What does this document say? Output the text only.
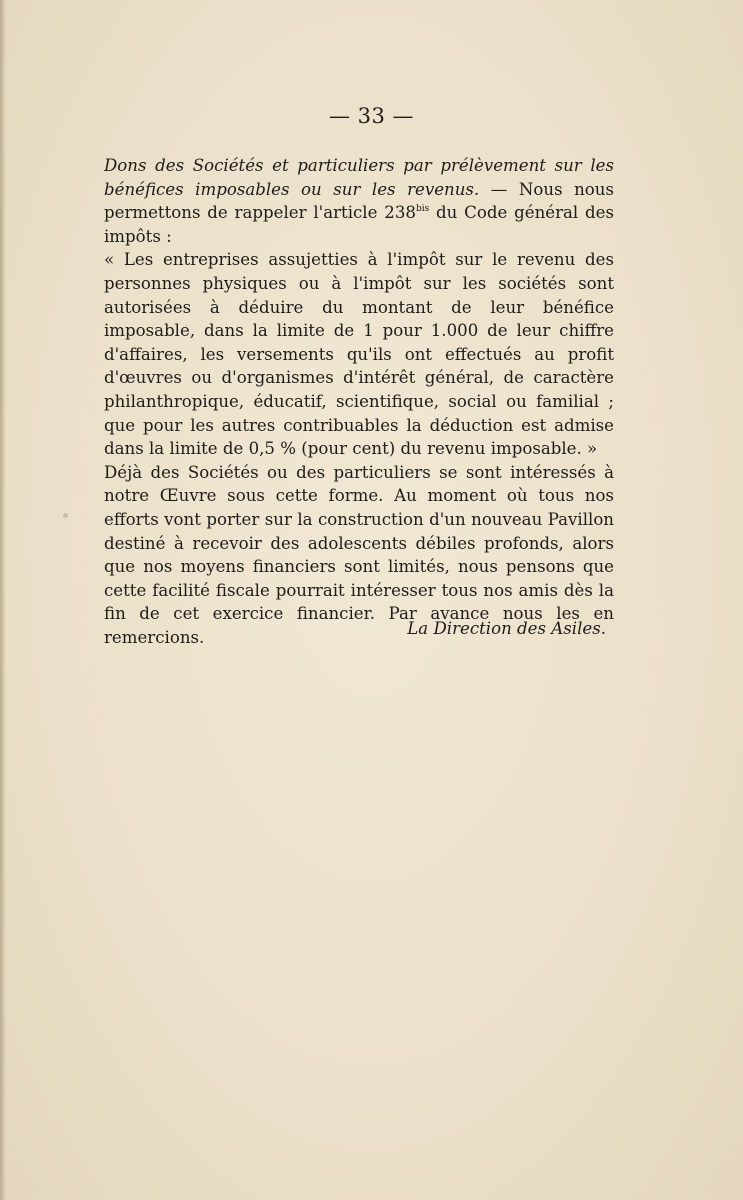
— 33 —

Dons des Sociétés et particuliers par prélèvement sur les bénéfices imposables ou sur les revenus. — Nous nous permettons de rappeler l'article $238^{bis}$ du Code général des impôts :

« Les entreprises assujetties à l'impôt sur le revenu des personnes physiques ou à l'impôt sur les sociétés sont autorisées à déduire du montant de leur bénéfice imposable, dans la limite de 1 pour 1.000 de leur chiffre d'affaires, les versements qu'ils ont effectués au profit d'œuvres ou d'organismes d'intérêt général, de caractère philanthropique, éducatif, scientifique, social ou familial ; que pour les autres contribuables la déduction est admise dans la limite de 0,5 % (pour cent) du revenu imposable. »

Déjà des Sociétés ou des particuliers se sont intéressés à notre Œuvre sous cette forme. Au moment où tous nos efforts vont porter sur la construction d'un nouveau Pavillon destiné à recevoir des adolescents débiles profonds, alors que nos moyens financiers sont limités, nous pensons que cette facilité fiscale pourrait intéresser tous nos amis dès la fin de cet exercice financier. Par avance nous les en remercions.	La Direction des Asiles.
